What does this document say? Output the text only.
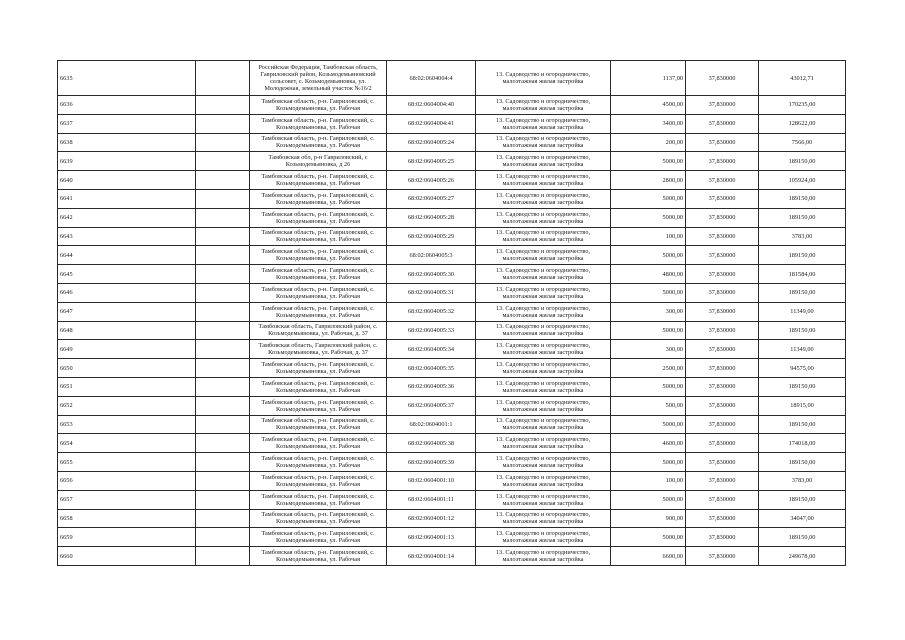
6635		Российская Федерация, Тамбовская область, Гавриловский район, Козьмодемьяновский сельсовет, с. Козьмодемьяновка, ул. Молодежная, земельный участок №16/2	68:02:0604004:4	13. Садоводство и огородничество, малоэтажная жилая застройка	1137,00	37,830000	43012,71
6636		Тамбовская область, р-н. Гавриловский, с. Козьмодемьяновка, ул. Рабочая	68:02:0604004:40	13. Садоводство и огородничество, малоэтажная жилая застройка	4500,00	37,830000	170235,00
6637		Тамбовская область, р-н. Гавриловский, с. Козьмодемьяновка, ул. Рабочая	68:02:0604004:41	13. Садоводство и огородничество, малоэтажная жилая застройка	3400,00	37,830000	128622,00
6638		Тамбовская область, р-н. Гавриловский, с. Козьмодемьяновка, ул. Рабочая	68:02:0604005:24	13. Садоводство и огородничество, малоэтажная жилая застройка	200,00	37,830000	7566,00
6639		Тамбовская обл, р-н Гавриловский, с Козьмодемьяновка, д 26	68:02:0604005:25	13. Садоводство и огородничество, малоэтажная жилая застройка	5000,00	37,830000	189150,00
6640		Тамбовская область, р-н. Гавриловский, с. Козьмодемьяновка, ул. Рабочая	68:02:0604005:26	13. Садоводство и огородничество, малоэтажная жилая застройка	2800,00	37,830000	105924,00
6641		Тамбовская область, р-н. Гавриловский, с. Козьмодемьяновка, ул. Рабочая	68:02:0604005:27	13. Садоводство и огородничество, малоэтажная жилая застройка	5000,00	37,830000	189150,00
6642		Тамбовская область, р-н. Гавриловский, с. Козьмодемьяновка, ул. Рабочая	68:02:0604005:28	13. Садоводство и огородничество, малоэтажная жилая застройка	5000,00	37,830000	189150,00
6643		Тамбовская область, р-н. Гавриловский, с. Козьмодемьяновка, ул. Рабочая	68:02:0604005:29	13. Садоводство и огородничество, малоэтажная жилая застройка	100,00	37,830000	3783,00
6644		Тамбовская область, р-н. Гавриловский, с. Козьмодемьяновка, ул. Рабочая	68:02:0604005:3	13. Садоводство и огородничество, малоэтажная жилая застройка	5000,00	37,830000	189150,00
6645		Тамбовская область, р-н. Гавриловский, с. Козьмодемьяновка, ул. Рабочая	68:02:0604005:30	13. Садоводство и огородничество, малоэтажная жилая застройка	4800,00	37,830000	181584,00
6646		Тамбовская область, р-н. Гавриловский, с. Козьмодемьяновка, ул. Рабочая	68:02:0604005:31	13. Садоводство и огородничество, малоэтажная жилая застройка	5000,00	37,830000	189150,00
6647		Тамбовская область, р-н. Гавриловский, с. Козьмодемьяновка, ул. Рабочая	68:02:0604005:32	13. Садоводство и огородничество, малоэтажная жилая застройка	300,00	37,830000	11349,00
6648		Тамбовская область, Гавриловский район, с. Козьмодемьяновка, ул. Рабочая, д. 37	68:02:0604005:33	13. Садоводство и огородничество, малоэтажная жилая застройка	5000,00	37,830000	189150,00
6649		Тамбовская область, Гавриловский район, с. Козьмодемьяновка, ул. Рабочая, д. 37	68:02:0604005:34	13. Садоводство и огородничество, малоэтажная жилая застройка	300,00	37,830000	11349,00
6650		Тамбовская область, р-н. Гавриловский, с. Козьмодемьяновка, ул. Рабочая	68:02:0604005:35	13. Садоводство и огородничество, малоэтажная жилая застройка	2500,00	37,830000	94575,00
6651		Тамбовская область, р-н. Гавриловский, с. Козьмодемьяновка, ул. Рабочая	68:02:0604005:36	13. Садоводство и огородничество, малоэтажная жилая застройка	5000,00	37,830000	189150,00
6652		Тамбовская область, р-н. Гавриловский, с. Козьмодемьяновка, ул. Рабочая	68:02:0604005:37	13. Садоводство и огородничество, малоэтажная жилая застройка	500,00	37,830000	18915,00
6653		Тамбовская область, р-н. Гавриловский, с. Козьмодемьяновка, ул. Рабочая	68:02:0604001:1	13. Садоводство и огородничество, малоэтажная жилая застройка	5000,00	37,830000	189150,00
6654		Тамбовская область, р-н. Гавриловский, с. Козьмодемьяновка, ул. Рабочая	68:02:0604005:38	13. Садоводство и огородничество, малоэтажная жилая застройка	4600,00	37,830000	174018,00
6655		Тамбовская область, р-н. Гавриловский, с. Козьмодемьяновка, ул. Рабочая	68:02:0604005:39	13. Садоводство и огородничество, малоэтажная жилая застройка	5000,00	37,830000	189150,00
6656		Тамбовская область, р-н. Гавриловский, с. Козьмодемьяновка, ул. Рабочая	68:02:0604001:10	13. Садоводство и огородничество, малоэтажная жилая застройка	100,00	37,830000	3783,00
6657		Тамбовская область, р-н. Гавриловский, с. Козьмодемьяновка, ул. Рабочая	68:02:0604001:11	13. Садоводство и огородничество, малоэтажная жилая застройка	5000,00	37,830000	189150,00
6658		Тамбовская область, р-н. Гавриловский, с. Козьмодемьяновка, ул. Рабочая	68:02:0604001:12	13. Садоводство и огородничество, малоэтажная жилая застройка	900,00	37,830000	34047,00
6659		Тамбовская область, р-н. Гавриловский, с. Козьмодемьяновка, ул. Рабочая	68:02:0604001:13	13. Садоводство и огородничество, малоэтажная жилая застройка	5000,00	37,830000	189150,00
6660		Тамбовская область, р-н. Гавриловский, с. Козьмодемьяновка, ул. Рабочая	68:02:0604001:14	13. Садоводство и огородничество, малоэтажная жилая застройка	6600,00	37,830000	249678,00
